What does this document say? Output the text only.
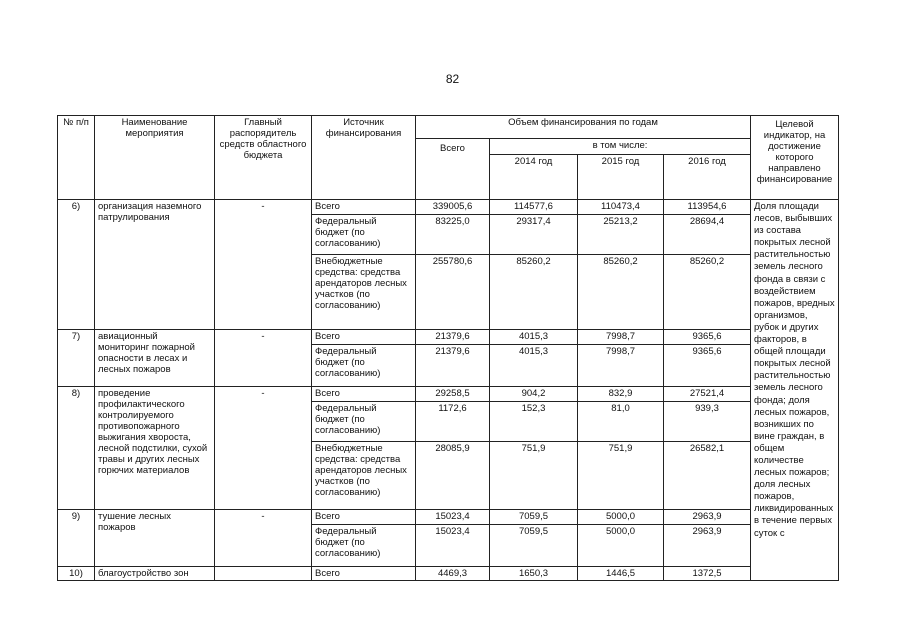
82
№ п/п	Наименование мероприятия	Главный распорядитель средств областного бюджета	Источник финансирования	Объем финансирования по годам				Целевой индикатор, на достижение которого направлено финансирование
				Всего	в том числе:			
					2014 год	2015 год	2016 год	
6)	организация наземного патрулирования	-	Всего	339005,6	114577,6	110473,4	113954,6	Доля площади лесов, выбывших из состава покрытых лесной растительностью земель лесного фонда в связи с воздействием пожаров, вредных организмов, рубок и других факторов, в общей площади покрытых лесной растительностью земель лесного фонда; доля лесных пожаров, возникших по вине граждан, в общем количестве лесных пожаров; доля лесных пожаров, ликвидированных в течение первых суток с
			Федеральный бюджет (по согласованию)	83225,0	29317,4	25213,2	28694,4	
			Внебюджетные средства: средства арендаторов лесных участков (по согласованию)	255780,6	85260,2	85260,2	85260,2	
7)	авиационный мониторинг пожарной опасности в лесах и лесных пожаров	-	Всего	21379,6	4015,3	7998,7	9365,6	
			Федеральный бюджет (по согласованию)	21379,6	4015,3	7998,7	9365,6	
8)	проведение профилактического контролируемого противопожарного выжигания хвороста, лесной подстилки, сухой травы и других лесных горючих материалов	-	Всего	29258,5	904,2	832,9	27521,4	
			Федеральный бюджет (по согласованию)	1172,6	152,3	81,0	939,3	
			Внебюджетные средства: средства арендаторов лесных участков (по согласованию)	28085,9	751,9	751,9	26582,1	
9)	тушение лесных пожаров	-	Всего	15023,4	7059,5	5000,0	2963,9	
			Федеральный бюджет (по согласованию)	15023,4	7059,5	5000,0	2963,9	
10)	благоустройство зон		Всего	4469,3	1650,3	1446,5	1372,5	
